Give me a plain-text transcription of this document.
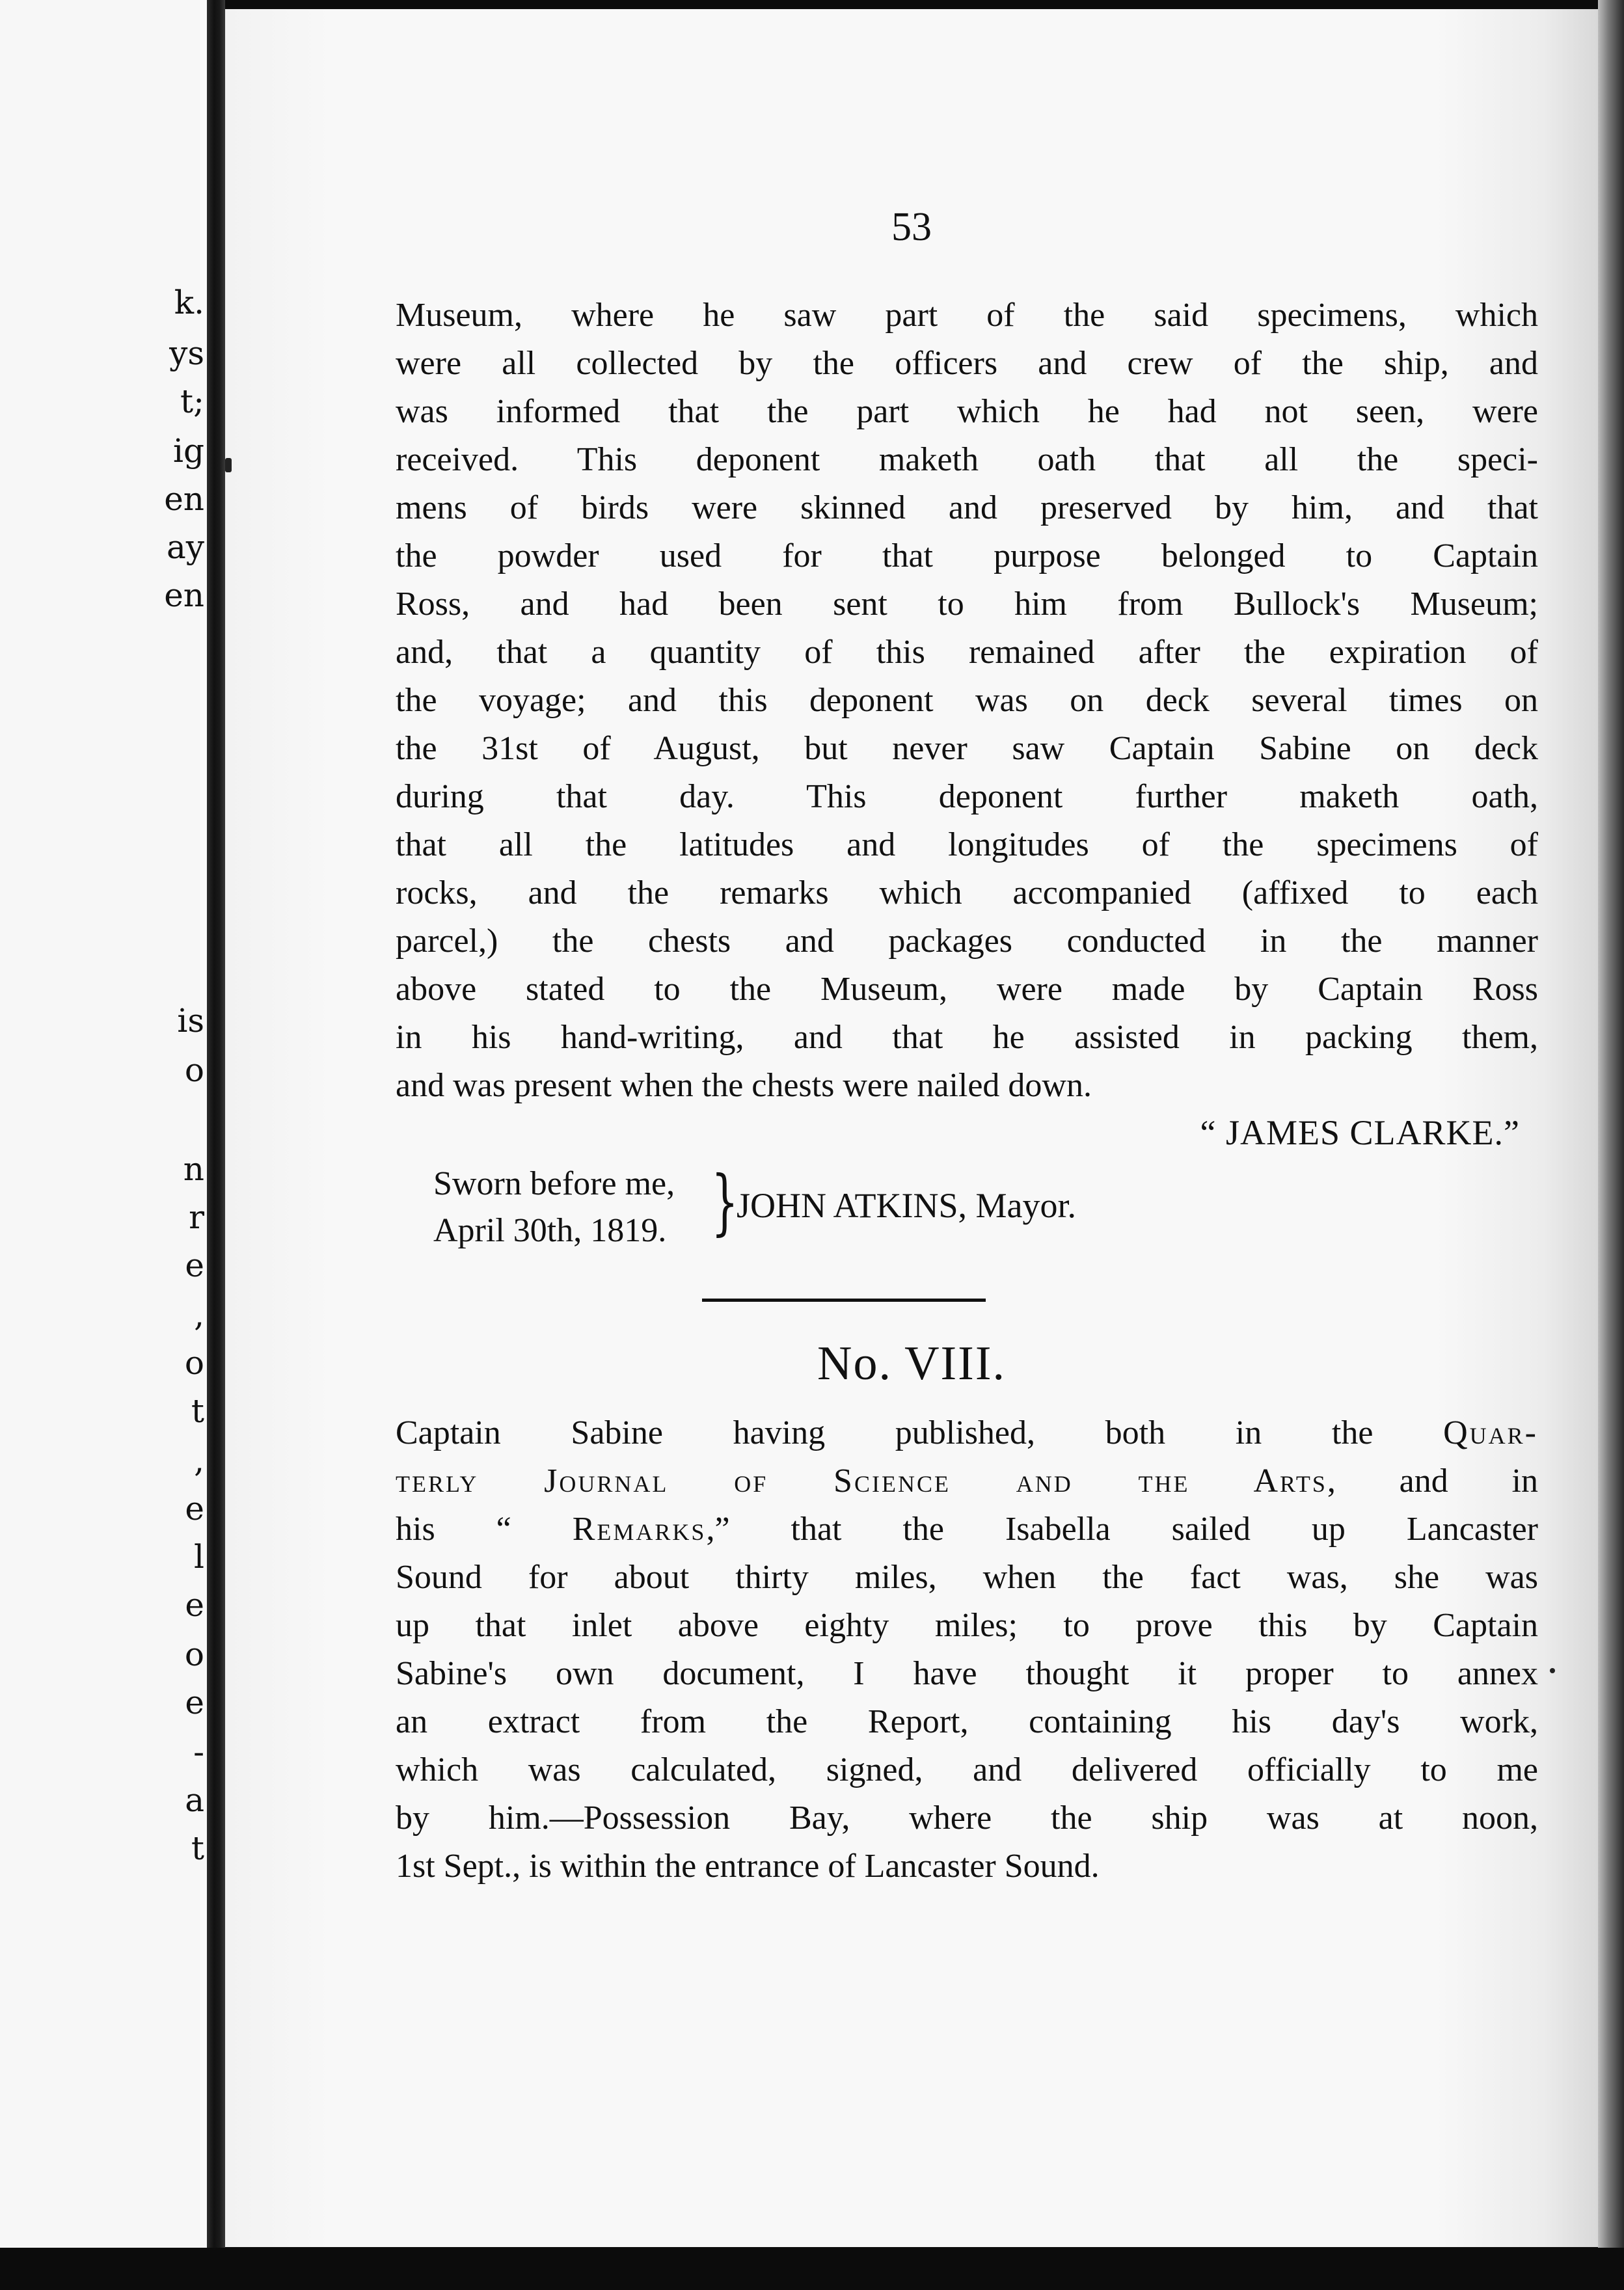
k.
ys
t;
ig
en
ay
en
is
o
n
r
e
,
o
t
,
e
l
e
o
e
-
a
t
53
Museum, where he saw part of the said specimens, which
were all collected by the officers and crew of the ship, and
was informed that the part which he had not seen, were
received. This deponent maketh oath that all the speci-
mens of birds were skinned and preserved by him, and that
the powder used for that purpose belonged to Captain
Ross, and had been sent to him from Bullock's Museum;
and, that a quantity of this remained after the expiration of
the voyage; and this deponent was on deck several times on
the 31st of August, but never saw Captain Sabine on deck
during that day. This deponent further maketh oath,
that all the latitudes and longitudes of the specimens of
rocks, and the remarks which accompanied (affixed to each
parcel,) the chests and packages conducted in the manner
above stated to the Museum, were made by Captain Ross
in his hand-writing, and that he assisted in packing them,
and was present when the chests were nailed down.
“ JAMES CLARKE.”
Sworn before me,
April 30th, 1819. }
JOHN ATKINS, Mayor.
No. VIII.
Captain Sabine having published, both in the Quar-
terly Journal of Science and the Arts, and in
his “ Remarks,” that the Isabella sailed up Lancaster
Sound for about thirty miles, when the fact was, she was
up that inlet above eighty miles; to prove this by Captain
Sabine's own document, I have thought it proper to annex
an extract from the Report, containing his day's work,
which was calculated, signed, and delivered officially to me
by him.—Possession Bay, where the ship was at noon,
1st Sept., is within the entrance of Lancaster Sound.
